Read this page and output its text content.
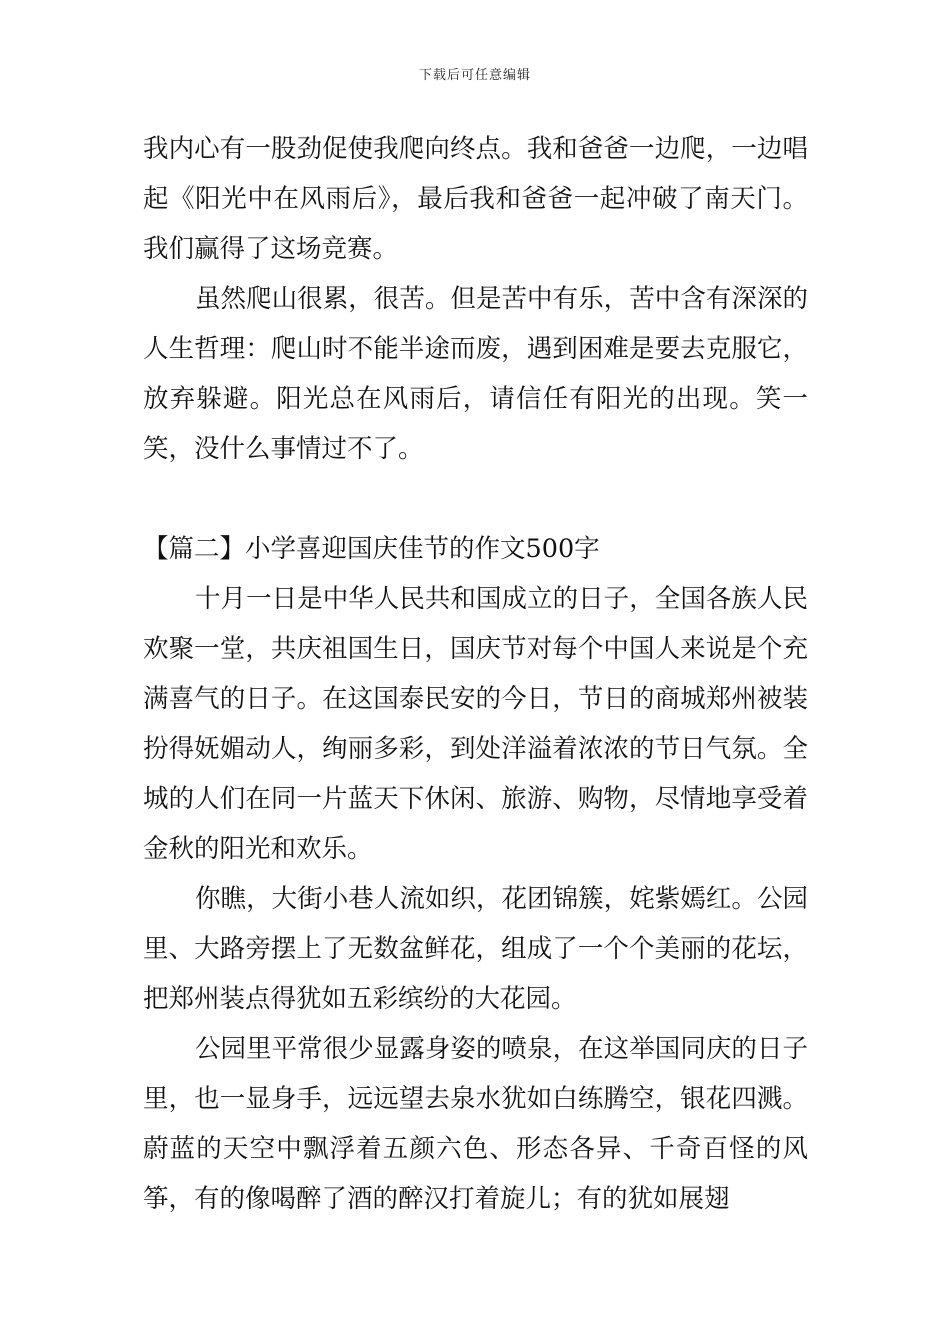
下载后可任意编辑

我内心有一股劲促使我爬向终点。我和爸爸一边爬，一边唱起《阳光中在风雨后》，最后我和爸爸一起冲破了南天门。我们赢得了这场竞赛。

虽然爬山很累，很苦。但是苦中有乐，苦中含有深深的人生哲理：爬山时不能半途而废，遇到困难是要去克服它，放弃躲避。阳光总在风雨后，请信任有阳光的出现。笑一笑，没什么事情过不了。

【篇二】小学喜迎国庆佳节的作文500字

十月一日是中华人民共和国成立的日子，全国各族人民欢聚一堂，共庆祖国生日，国庆节对每个中国人来说是个充满喜气的日子。在这国泰民安的今日，节日的商城郑州被装扮得妩媚动人，绚丽多彩，到处洋溢着浓浓的节日气氛。全城的人们在同一片蓝天下休闲、旅游、购物，尽情地享受着金秋的阳光和欢乐。

你瞧，大街小巷人流如织，花团锦簇，姹紫嫣红。公园里、大路旁摆上了无数盆鲜花，组成了一个个美丽的花坛，把郑州装点得犹如五彩缤纷的大花园。

公园里平常很少显露身姿的喷泉，在这举国同庆的日子里，也一显身手，远远望去泉水犹如白练腾空，银花四溅。蔚蓝的天空中飘浮着五颜六色、形态各异、千奇百怪的风筝，有的像喝醉了酒的醉汉打着旋儿；有的犹如展翅
